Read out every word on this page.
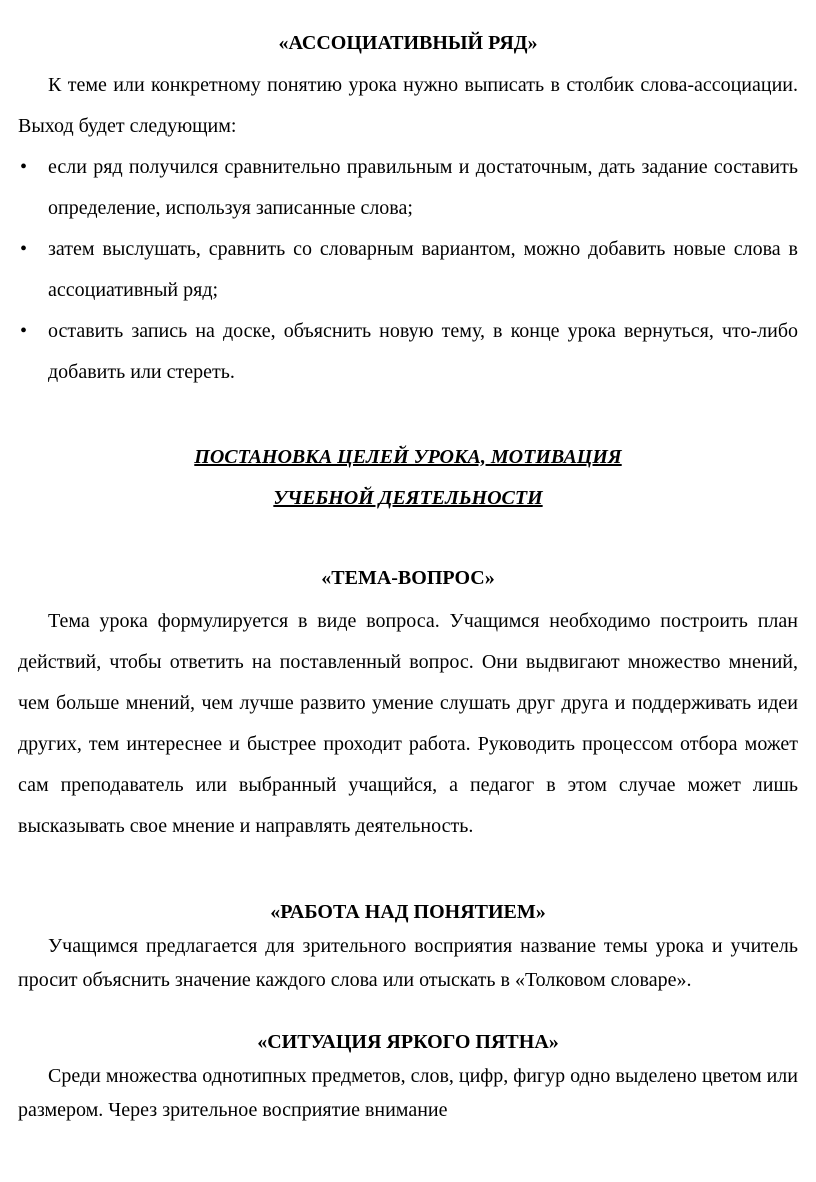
«АССОЦИАТИВНЫЙ РЯД»

К теме или конкретному понятию урока нужно выписать в столбик слова-ассоциации. Выход будет следующим:

• если ряд получился сравнительно правильным и достаточным, дать задание составить определение, используя записанные слова;
• затем выслушать, сравнить со словарным вариантом, можно добавить новые слова в ассоциативный ряд;
• оставить запись на доске, объяснить новую тему, в конце урока вернуться, что-либо добавить или стереть.

ПОСТАНОВКА ЦЕЛЕЙ УРОКА, МОТИВАЦИЯ

УЧЕБНОЙ ДЕЯТЕЛЬНОСТИ

«ТЕМА-ВОПРОС»

Тема урока формулируется в виде вопроса. Учащимся необходимо построить план действий, чтобы ответить на поставленный вопрос. Они выдвигают множество мнений, чем больше мнений, чем лучше развито умение слушать друг друга и поддерживать идеи других, тем интереснее и быстрее проходит работа. Руководить процессом отбора может сам преподаватель или выбранный учащийся, а педагог в этом случае может лишь высказывать свое мнение и направлять деятельность.

«РАБОТА НАД ПОНЯТИЕМ»

Учащимся предлагается для зрительного восприятия название темы урока и учитель просит объяснить значение каждого слова или отыскать в «Толковом словаре».

«СИТУАЦИЯ ЯРКОГО ПЯТНА»

Среди множества однотипных предметов, слов, цифр, фигур одно выделено цветом или размером. Через зрительное восприятие внимание
